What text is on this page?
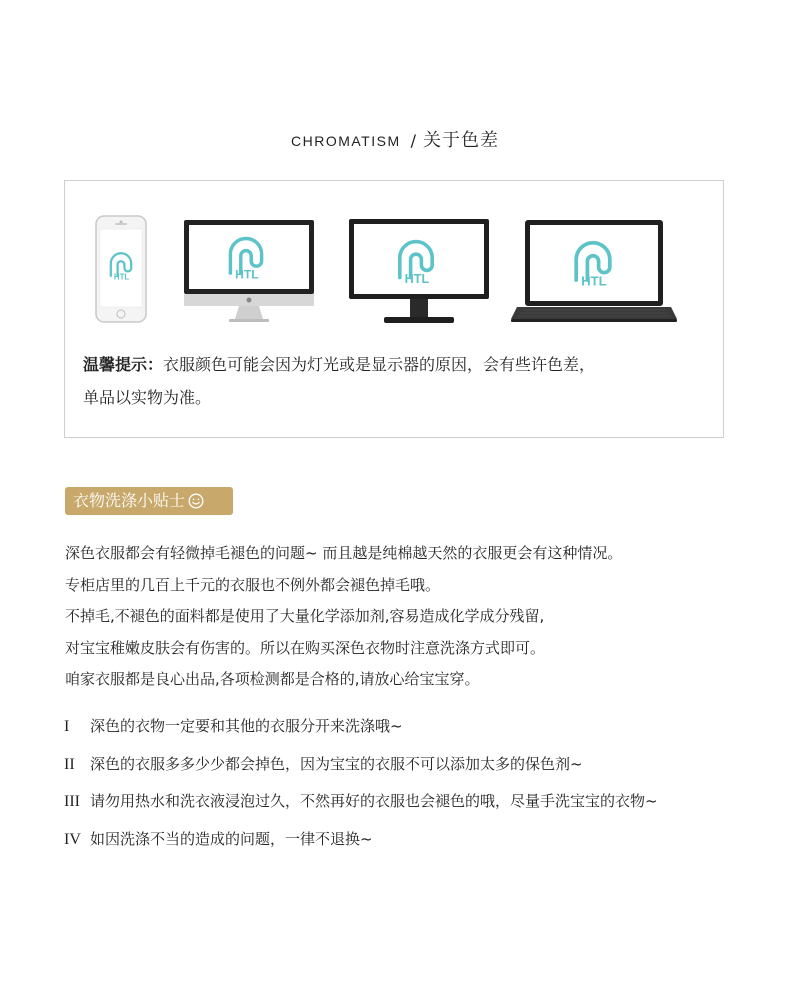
CHROMATISM / 关于色差
HTL	HTL	HTL	HTL
温馨提示：衣服颜色可能会因为灯光或是显示器的原因，会有些许色差，
单品以实物为准。
衣物洗涤小贴士
深色衣服都会有轻微掉毛褪色的问题~ 而且越是纯棉越天然的衣服更会有这种情况。
专柜店里的几百上千元的衣服也不例外都会褪色掉毛哦。
不掉毛,不褪色的面料都是使用了大量化学添加剂,容易造成化学成分残留,
对宝宝稚嫩皮肤会有伤害的。所以在购买深色衣物时注意洗涤方式即可。
咱家衣服都是良心出品,各项检测都是合格的,请放心给宝宝穿。
I 深色的衣物一定要和其他的衣服分开来洗涤哦~
II 深色的衣服多多少少都会掉色，因为宝宝的衣服不可以添加太多的保色剂~
III 请勿用热水和洗衣液浸泡过久，不然再好的衣服也会褪色的哦，尽量手洗宝宝的衣物~
IV 如因洗涤不当的造成的问题，一律不退换~
